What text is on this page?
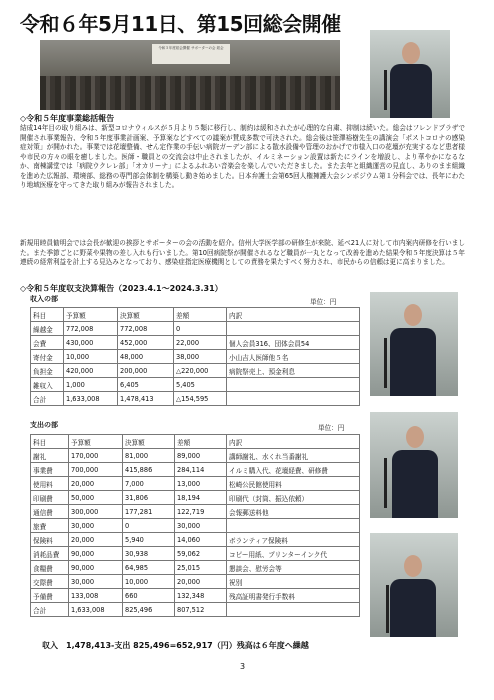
令和６年5月11日、第15回総会開催
令和５年度総会開催 サポーターの会 総会
◇令和５年度事業総括報告

結成14年目の取り組みは、新型コロナウィルスが５月より５類に移行し、制約は緩和されたが心理的な自粛、抑制は続いた。総会はフレンドプラザで開催され事業報告、令和５年度事業計画案、予算案などすべての議案が賛成多数で可決された。総会後は笹澤裕樹先生の講演会「ポストコロナの感染症対策」が開かれた。事業では花壇整備、せん定作業の手伝い病院ガーデン部による散水設備や管理のおかげで市様入口の花壇が充実するなど患者様や市民の方々の眼を癒しました。医師・職員との交流会は中止されましたが、イルミネーション設置は新たにラインを増設し、より華やかになるなか、南棟講堂では「病院ウクレレ部」「オカリーナ」によるふれあい音楽会を楽しんでいただきました。また去年と組織運営の見直し、ありのまま組織を進めた広報部、環境部、総務の専門部会体制を構築し動き始めました。日本弁護士会第65回人権擁護大会シンポジウム第１分科会では、長年にわたり地域医療を守ってきた取り組みが報告されました。

新規用睦員勧明会では会長が歓迎の挨拶とサポーターの会の活動を紹介。信州大学医学部の研修生が来院、延べ21人に対して市内案内研修を行いました。また季節ごとに野菜や果物の差し入れも行いました。第10回病院祭が開催されるなど職員が一丸となって改善を進めた結果令和５年度決算は５年連続の経常利益を計上する見込みとなっており、感染症指定医療機関としての責務を果たすべく努力され、市民からの信頼は更に高まりました。

◇令和５年度収支決算報告（2023.4.1～2024.3.31）
収入の部	単位：円
科目	予算額	決算額	差額	内訳
繰越金	772,008	772,008	0	
会費	430,000	452,000	22,000	個人会員316、団体会員54
寄付金	10,000	48,000	38,000	小山吉人医師他５名
負担金	420,000	200,000	△220,000	病院祭売上、預金利息
雑収入	1,000	6,405	5,405	
合計	1,633,008	1,478,413	△154,595	
支出の部	単位：円
科目	予算額	決算額	差額	内訳
謝礼	170,000	81,000	89,000	講師謝礼、水くれ当番謝礼
事業費	700,000	415,886	284,114	イルミ購入代、花壇経費、研修費
使用料	20,000	7,000	13,000	松崎公民館使用料
印刷費	50,000	31,806	18,194	印刷代（封筒、振込依頼）
通信費	300,000	177,281	122,719	会報郵送料他
旅費	30,000	0	30,000	
保険料	20,000	5,940	14,060	ボランティア保険料
消耗品費	90,000	30,938	59,062	コピー用紙、プリンターインク代
食糧費	90,000	64,985	25,015	懇談会、慰労会等
交際費	30,000	10,000	20,000	祝別
予備費	133,008	660	132,348	残高証明書発行手数料
合計	1,633,008	825,496	807,512	
収入　1,478,413-支出 825,496=652,917（円）残高は６年度へ繰越
3
